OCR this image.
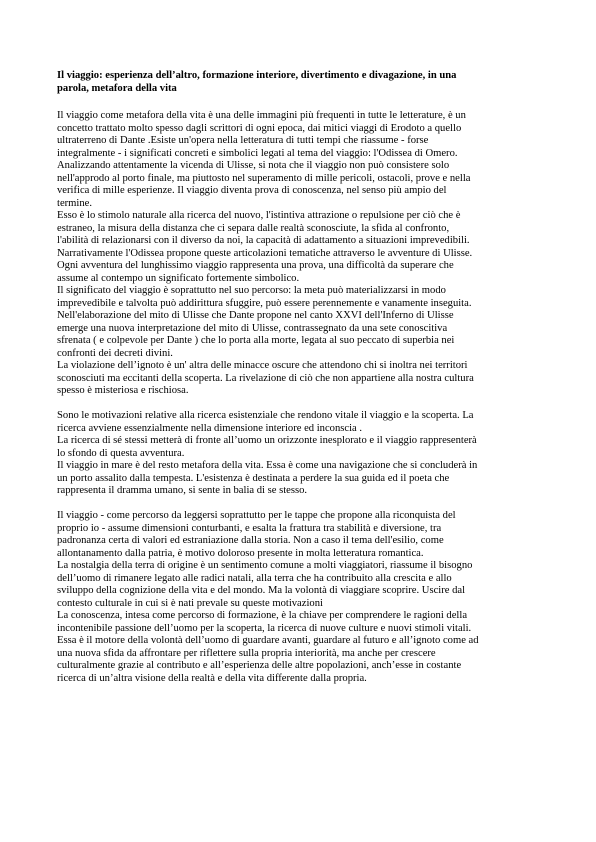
Il viaggio: esperienza dell’altro, formazione interiore, divertimento e divagazione, in una
parola, metafora della vita
Il viaggio come metafora della vita è una delle immagini più frequenti in tutte le letterature, è un
concetto trattato molto spesso dagli scrittori di ogni epoca, dai mitici viaggi di Erodoto a quello
ultraterreno di Dante .Esiste un'opera nella letteratura di tutti tempi che riassume - forse
integralmente - i significati concreti e simbolici legati al tema del viaggio: l'Odissea di Omero.
Analizzando attentamente la vicenda di Ulisse, si nota che il viaggio non può consistere solo
nell'approdo al porto finale, ma piuttosto nel superamento di mille pericoli, ostacoli, prove e nella
verifica di mille esperienze. Il viaggio diventa prova di conoscenza, nel senso più ampio del
termine.
Esso è lo stimolo naturale alla ricerca del nuovo, l'istintiva attrazione o repulsione per ciò che è
estraneo, la misura della distanza che ci separa dalle realtà sconosciute, la sfida al confronto,
l'abilità di relazionarsi con il diverso da noi, la capacità di adattamento a situazioni imprevedibili.
Narrativamente l'Odissea propone queste articolazioni tematiche attraverso le avventure di Ulisse.
Ogni avventura del lunghissimo viaggio rappresenta una prova, una difficoltà da superare che
assume al contempo un significato fortemente simbolico.
Il significato del viaggio è soprattutto nel suo percorso: la meta può materializzarsi in modo
imprevedibile e talvolta può addirittura sfuggire, può essere perennemente e vanamente inseguita.
Nell'elaborazione del mito di Ulisse che Dante propone nel canto XXVI dell'Inferno di Ulisse
emerge una nuova interpretazione del mito di Ulisse, contrassegnato da una sete conoscitiva
sfrenata ( e colpevole per Dante ) che lo porta alla morte, legata al suo peccato di superbia nei
confronti dei decreti divini.
La violazione dell’ignoto è un' altra delle minacce oscure che attendono chi si inoltra nei territori
sconosciuti ma eccitanti della scoperta. La rivelazione di ciò che non appartiene alla nostra cultura
spesso è misteriosa e rischiosa.
Sono le motivazioni relative alla ricerca esistenziale che rendono vitale il viaggio e la scoperta. La
ricerca avviene essenzialmente nella dimensione interiore ed inconscia .
La ricerca di sé stessi metterà di fronte all’uomo un orizzonte inesplorato e il viaggio rappresenterà
lo sfondo di questa avventura.
Il viaggio in mare è del resto metafora della vita. Essa è come una navigazione che si concluderà in
un porto assalito dalla tempesta. L'esistenza è destinata a perdere la sua guida ed il poeta che
rappresenta il dramma umano, si sente in balia di se stesso.
Il viaggio - come percorso da leggersi soprattutto per le tappe che propone alla riconquista del
proprio io - assume dimensioni conturbanti, e esalta la frattura tra stabilità e diversione, tra
padronanza certa di valori ed estraniazione dalla storia. Non a caso il tema dell'esilio, come
allontanamento dalla patria, è motivo doloroso presente in molta letteratura romantica.
La nostalgia della terra di origine è un sentimento comune a molti viaggiatori, riassume il bisogno
dell’uomo di rimanere legato alle radici natali, alla terra che ha contribuito alla crescita e allo
sviluppo della cognizione della vita e del mondo. Ma la volontà di viaggiare scoprire. Uscire dal
contesto culturale in cui si è nati prevale su queste motivazioni
La conoscenza, intesa come percorso di formazione, è la chiave per comprendere le ragioni della
incontenibile passione dell’uomo per la scoperta, la ricerca di nuove culture e nuovi stimoli vitali.
Essa è il motore della volontà dell’uomo di guardare avanti, guardare al futuro e all’ignoto come ad
una nuova sfida da affrontare per riflettere sulla propria interiorità, ma anche per crescere
culturalmente grazie al contributo e all’esperienza delle altre popolazioni, anch’esse in costante
ricerca di un’altra visione della realtà e della vita differente dalla propria.
